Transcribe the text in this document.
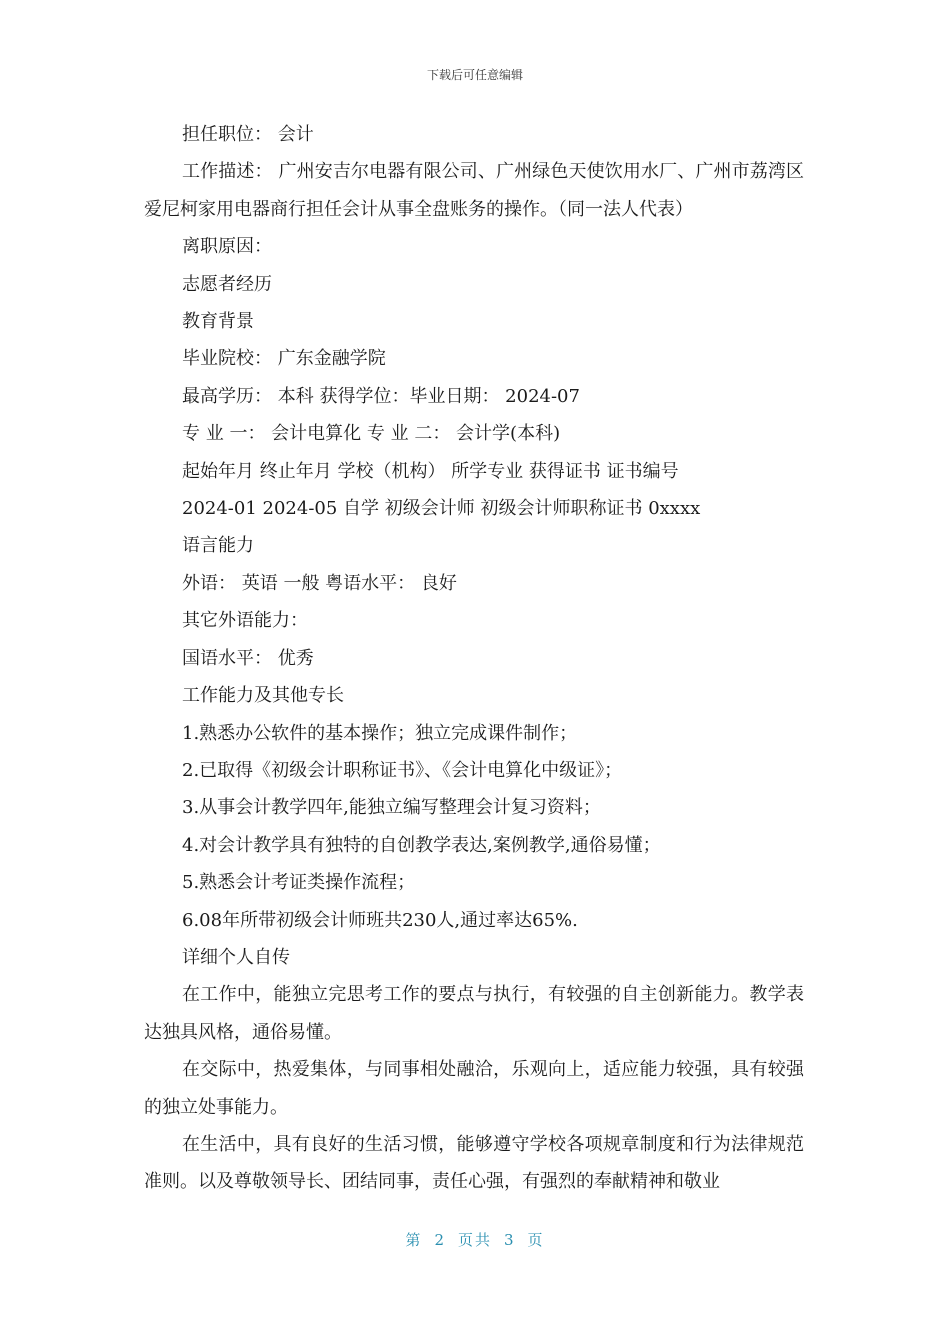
下载后可任意编辑
担任职位： 会计
工作描述： 广州安吉尔电器有限公司、广州绿色天使饮用水厂、广州市荔湾区爱尼柯家用电器商行担任会计从事全盘账务的操作。（同一法人代表）
离职原因：
志愿者经历
教育背景
毕业院校： 广东金融学院
最高学历： 本科 获得学位：毕业日期： 2024-07
专 业 一： 会计电算化 专 业 二： 会计学(本科)
起始年月 终止年月 学校（机构） 所学专业 获得证书 证书编号
2024-01 2024-05 自学 初级会计师 初级会计师职称证书 0xxxx
语言能力
外语： 英语 一般 粤语水平： 良好
其它外语能力：
国语水平： 优秀
工作能力及其他专长
1.熟悉办公软件的基本操作；独立完成课件制作；
2.已取得《初级会计职称证书》、《会计电算化中级证》；
3.从事会计教学四年,能独立编写整理会计复习资料；
4.对会计教学具有独特的自创教学表达,案例教学,通俗易懂；
5.熟悉会计考证类操作流程；
6.08年所带初级会计师班共230人,通过率达65%.
详细个人自传
在工作中，能独立完思考工作的要点与执行，有较强的自主创新能力。教学表达独具风格，通俗易懂。
在交际中，热爱集体，与同事相处融洽，乐观向上，适应能力较强，具有较强的独立处事能力。
在生活中，具有良好的生活习惯，能够遵守学校各项规章制度和行为法律规范准则。以及尊敬领导长、团结同事，责任心强，有强烈的奉献精神和敬业
第 2 页共 3 页
